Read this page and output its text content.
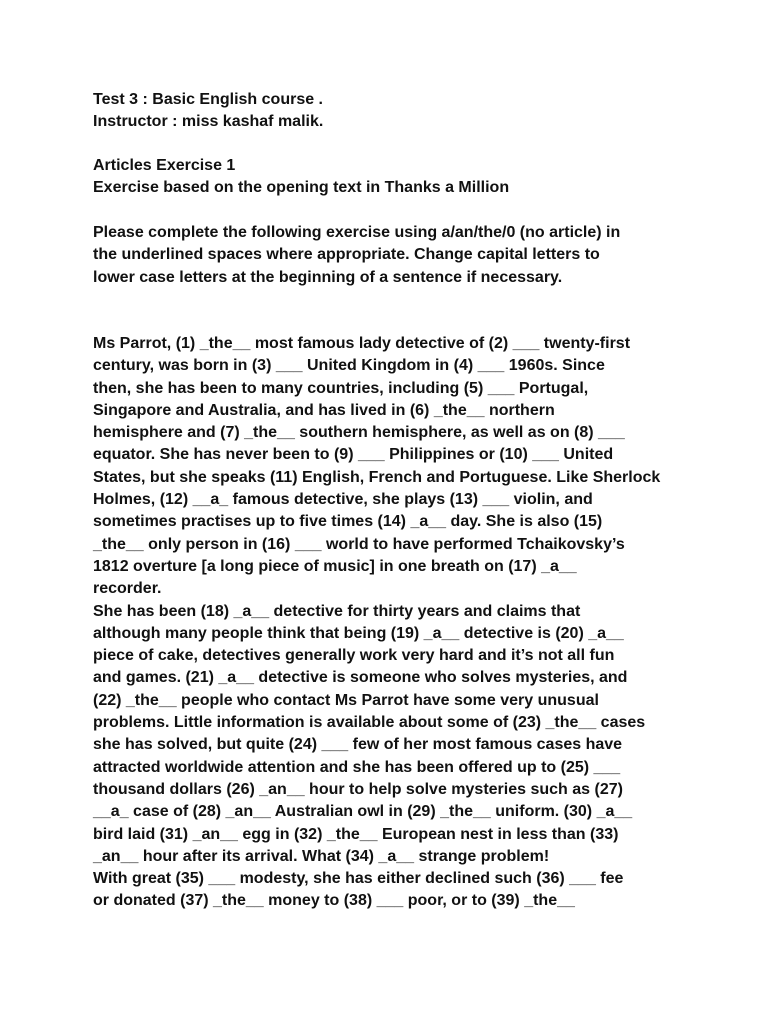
Test 3 : Basic English course .
Instructor : miss kashaf malik.
Articles Exercise 1
Exercise based on the opening text in Thanks a Million
Please complete the following exercise using a/an/the/0 (no article) in
the underlined spaces where appropriate. Change capital letters to
lower case letters at the beginning of a sentence if necessary.
Ms Parrot, (1) _the__ most famous lady detective of (2) ___ twenty-first
century, was born in (3) ___ United Kingdom in (4) ___ 1960s. Since
then, she has been to many countries, including (5) ___ Portugal,
Singapore and Australia, and has lived in (6) _the__ northern
hemisphere and (7) _the__ southern hemisphere, as well as on (8) ___
equator. She has never been to (9) ___ Philippines or (10) ___ United
States, but she speaks (11) English, French and Portuguese. Like Sherlock
Holmes, (12) __a_ famous detective, she plays (13) ___ violin, and
sometimes practises up to five times (14) _a__ day. She is also (15)
_the__ only person in (16) ___ world to have performed Tchaikovsky’s
1812 overture [a long piece of music] in one breath on (17) _a__
recorder.
She has been (18) _a__ detective for thirty years and claims that
although many people think that being (19) _a__ detective is (20) _a__
piece of cake, detectives generally work very hard and it’s not all fun
and games. (21) _a__ detective is someone who solves mysteries, and
(22) _the__ people who contact Ms Parrot have some very unusual
problems. Little information is available about some of (23) _the__ cases
she has solved, but quite (24) ___ few of her most famous cases have
attracted worldwide attention and she has been offered up to (25) ___
thousand dollars (26) _an__ hour to help solve mysteries such as (27)
__a_ case of (28) _an__ Australian owl in (29) _the__ uniform. (30) _a__
bird laid (31) _an__ egg in (32) _the__ European nest in less than (33)
_an__ hour after its arrival. What (34) _a__ strange problem!
With great (35) ___ modesty, she has either declined such (36) ___ fee
or donated (37) _the__ money to (38) ___ poor, or to (39) _the__
